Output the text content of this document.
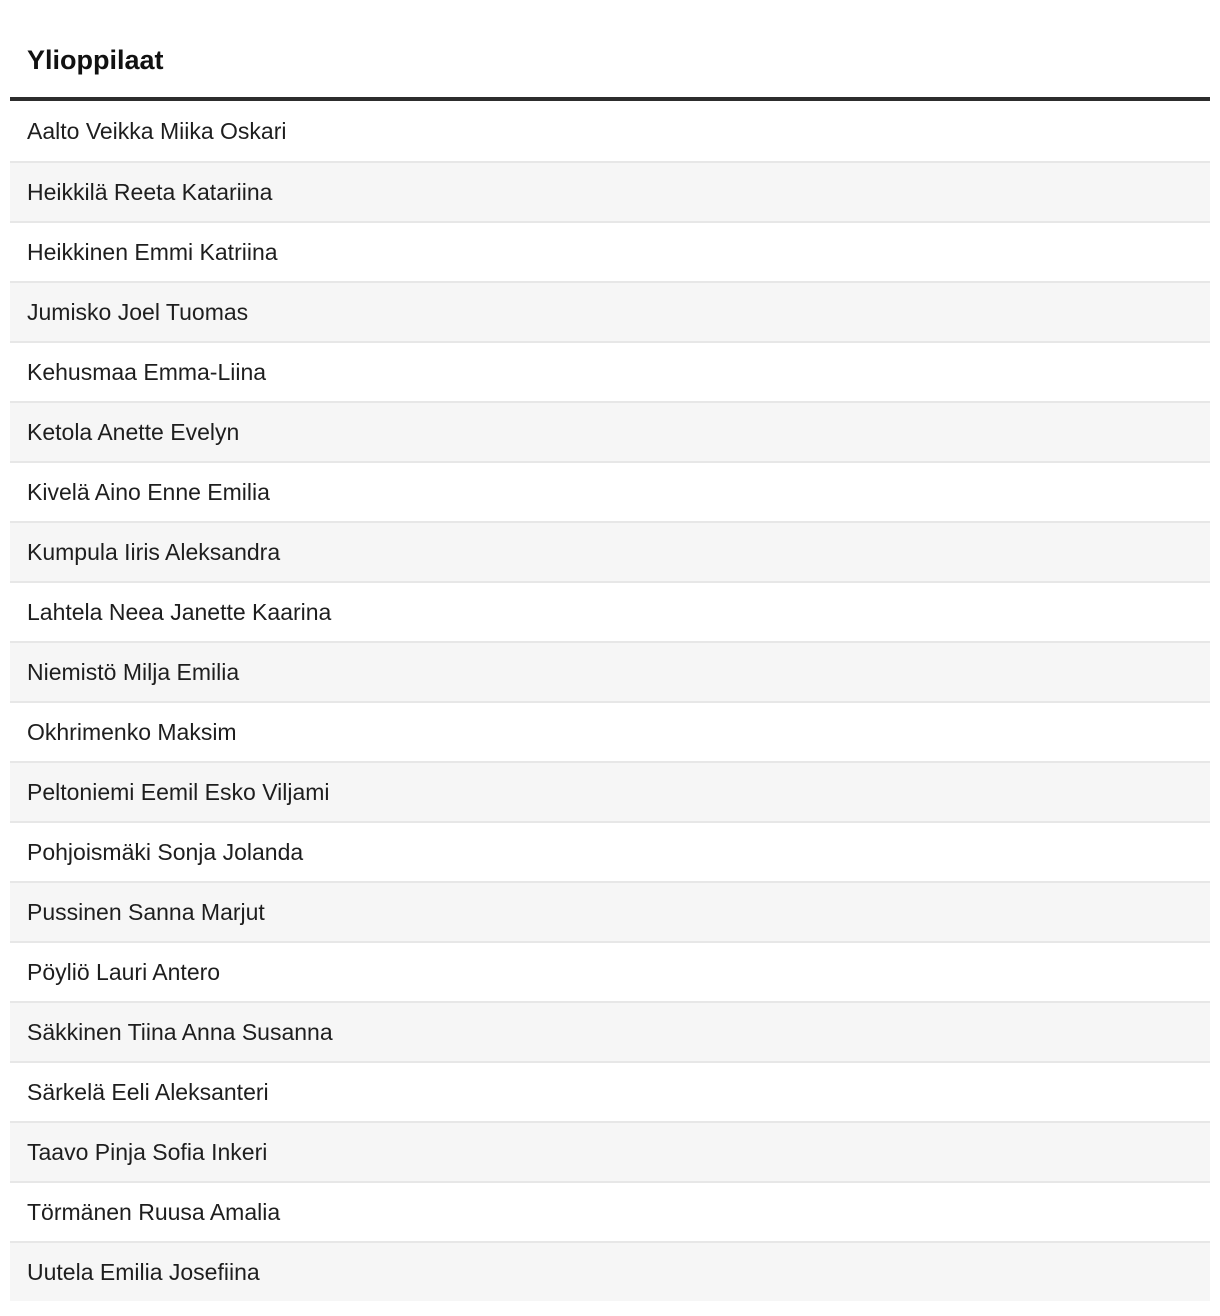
Ylioppilaat
Aalto Veikka Miika Oskari
Heikkilä Reeta Katariina
Heikkinen Emmi Katriina
Jumisko Joel Tuomas
Kehusmaa Emma-Liina
Ketola Anette Evelyn
Kivelä Aino Enne Emilia
Kumpula Iiris Aleksandra
Lahtela Neea Janette Kaarina
Niemistö Milja Emilia
Okhrimenko Maksim
Peltoniemi Eemil Esko Viljami
Pohjoismäki Sonja Jolanda
Pussinen Sanna Marjut
Pöyliö Lauri Antero
Säkkinen Tiina Anna Susanna
Särkelä Eeli Aleksanteri
Taavo Pinja Sofia Inkeri
Törmänen Ruusa Amalia
Uutela Emilia Josefiina
